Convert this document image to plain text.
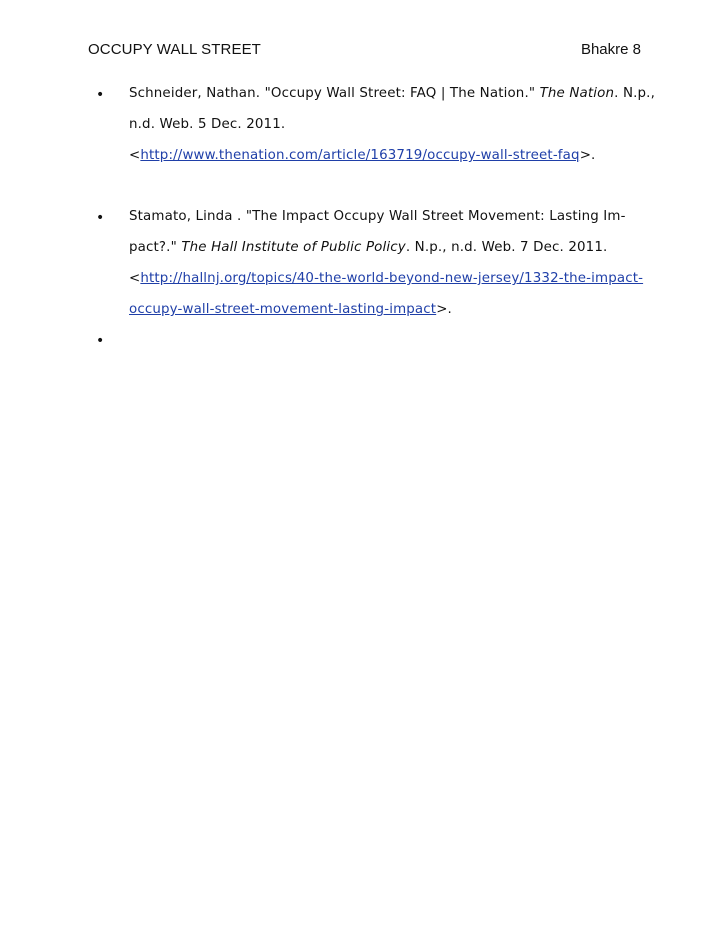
OCCUPY WALL STREET	Bhakre 8
• Schneider, Nathan. "Occupy Wall Street: FAQ | The Nation." The Nation. N.p.,
n.d. Web. 5 Dec. 2011.
<http://www.thenation.com/article/163719/occupy-wall-street-faq>.
• Stamato, Linda . "The Impact Occupy Wall Street Movement: Lasting Im-
pact?." The Hall Institute of Public Policy. N.p., n.d. Web. 7 Dec. 2011.
<http://hallnj.org/topics/40-the-world-beyond-new-jersey/1332-the-impact-
occupy-wall-street-movement-lasting-impact>.
•
